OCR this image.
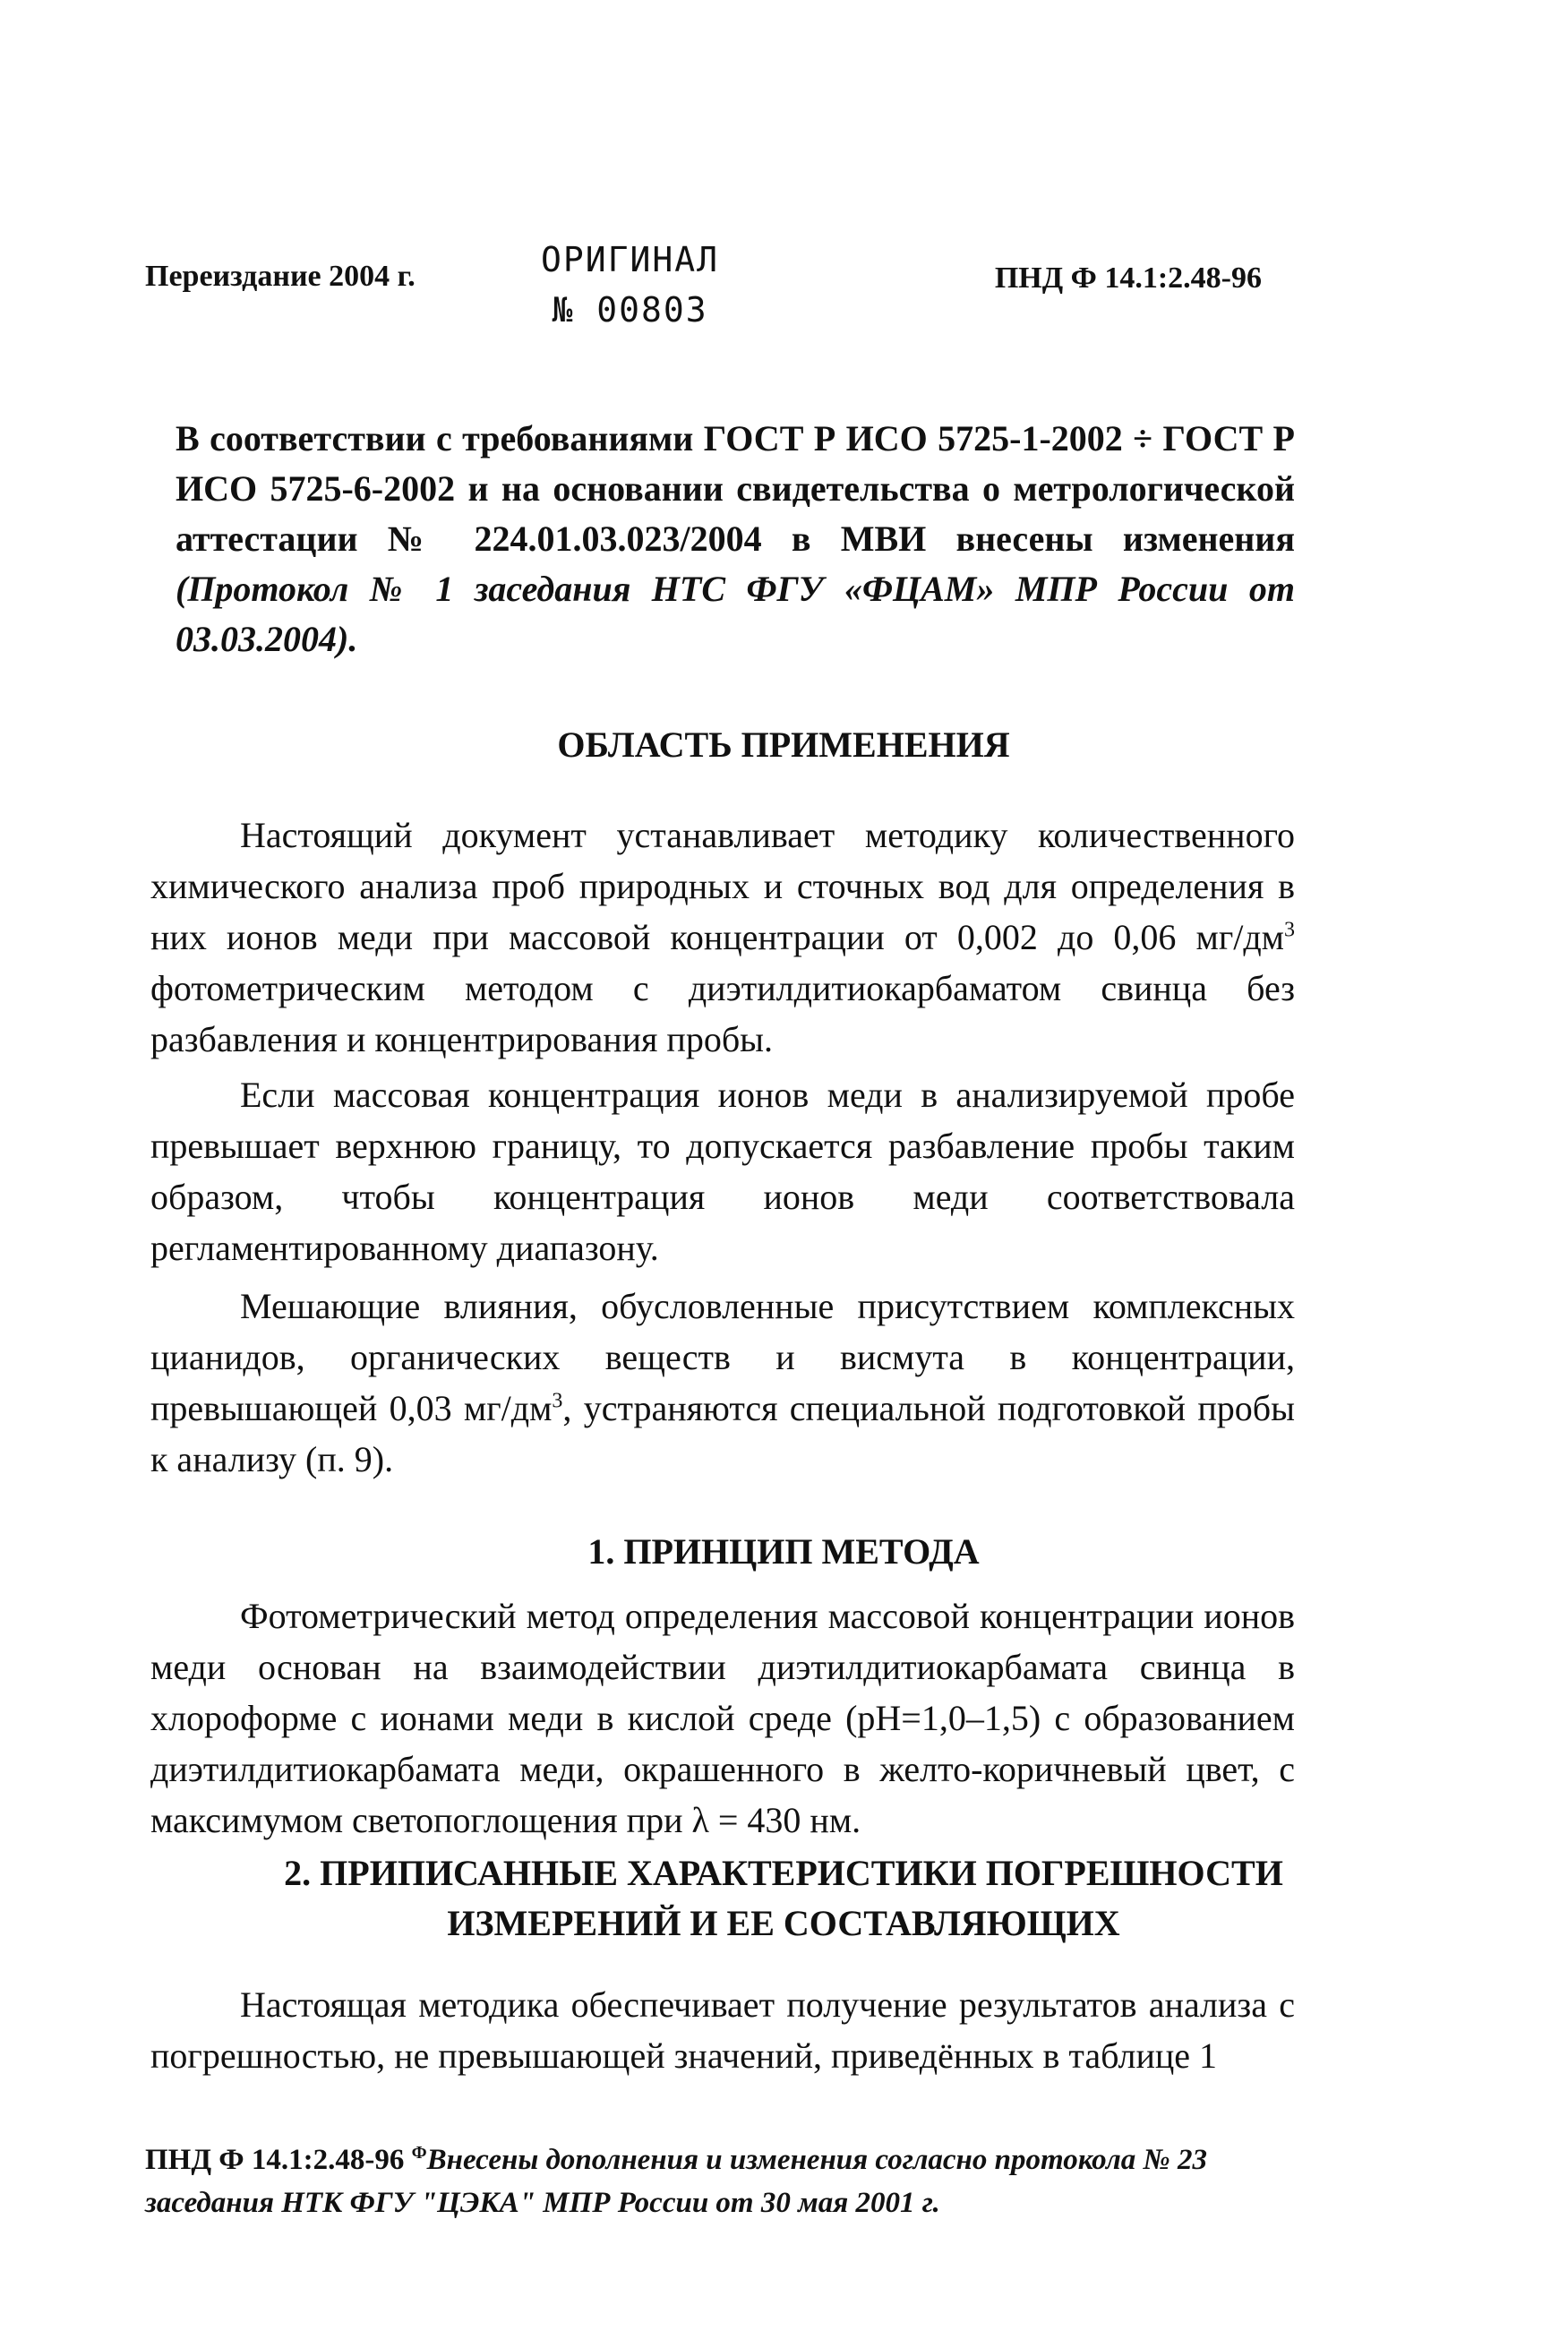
Переиздание 2004 г.	ОРИГИНАЛ
№ 00803
ПНД Ф 14.1:2.48-96
В соответствии с требованиями ГОСТ Р ИСО 5725-1-2002 ÷ ГОСТ Р ИСО 5725-6-2002 и на основании свидетельства о метрологической аттестации № 224.01.03.023/2004 в МВИ внесены изменения (Протокол № 1 заседания НТС ФГУ «ФЦАМ» МПР России от 03.03.2004).
ОБЛАСТЬ ПРИМЕНЕНИЯ
Настоящий документ устанавливает методику количественного химического анализа проб природных и сточных вод для определения в них ионов меди при массовой концентрации от 0,002 до 0,06 $мг/дм^3$ фотометрическим методом с диэтилдитиокарбаматом свинца без разбавления и концентрирования пробы.
Если массовая концентрация ионов меди в анализируемой пробе превышает верхнюю границу, то допускается разбавление пробы таким образом, чтобы концентрация ионов меди соответствовала регламентированному диапазону.
Мешающие влияния, обусловленные присутствием комплексных цианидов, органических веществ и висмута в концентрации, превышающей 0,03 $мг/дм^3$, устраняются специальной подготовкой пробы к анализу (п. 9).
1. ПРИНЦИП МЕТОДА
Фотометрический метод определения массовой концентрации ионов меди основан на взаимодействии диэтилдитиокарбамата свинца в хлороформе с ионами меди в кислой среде (pH=1,0–1,5) с образованием диэтилдитиокарбамата меди, окрашенного в желто-коричневый цвет, с максимумом светопоглощения при λ = 430 нм.
2. ПРИПИСАННЫЕ ХАРАКТЕРИСТИКИ ПОГРЕШНОСТИ
ИЗМЕРЕНИЙ И ЕЕ СОСТАВЛЯЮЩИХ
Настоящая методика обеспечивает получение результатов анализа с погрешностью, не превышающей значений, приведённых в таблице 1
ПНД Ф 14.1:2.48-96 $^Ф$Внесены дополнения и изменения согласно протокола № 23 заседания НТК ФГУ "ЦЭКА" МПР России от 30 мая 2001 г.
